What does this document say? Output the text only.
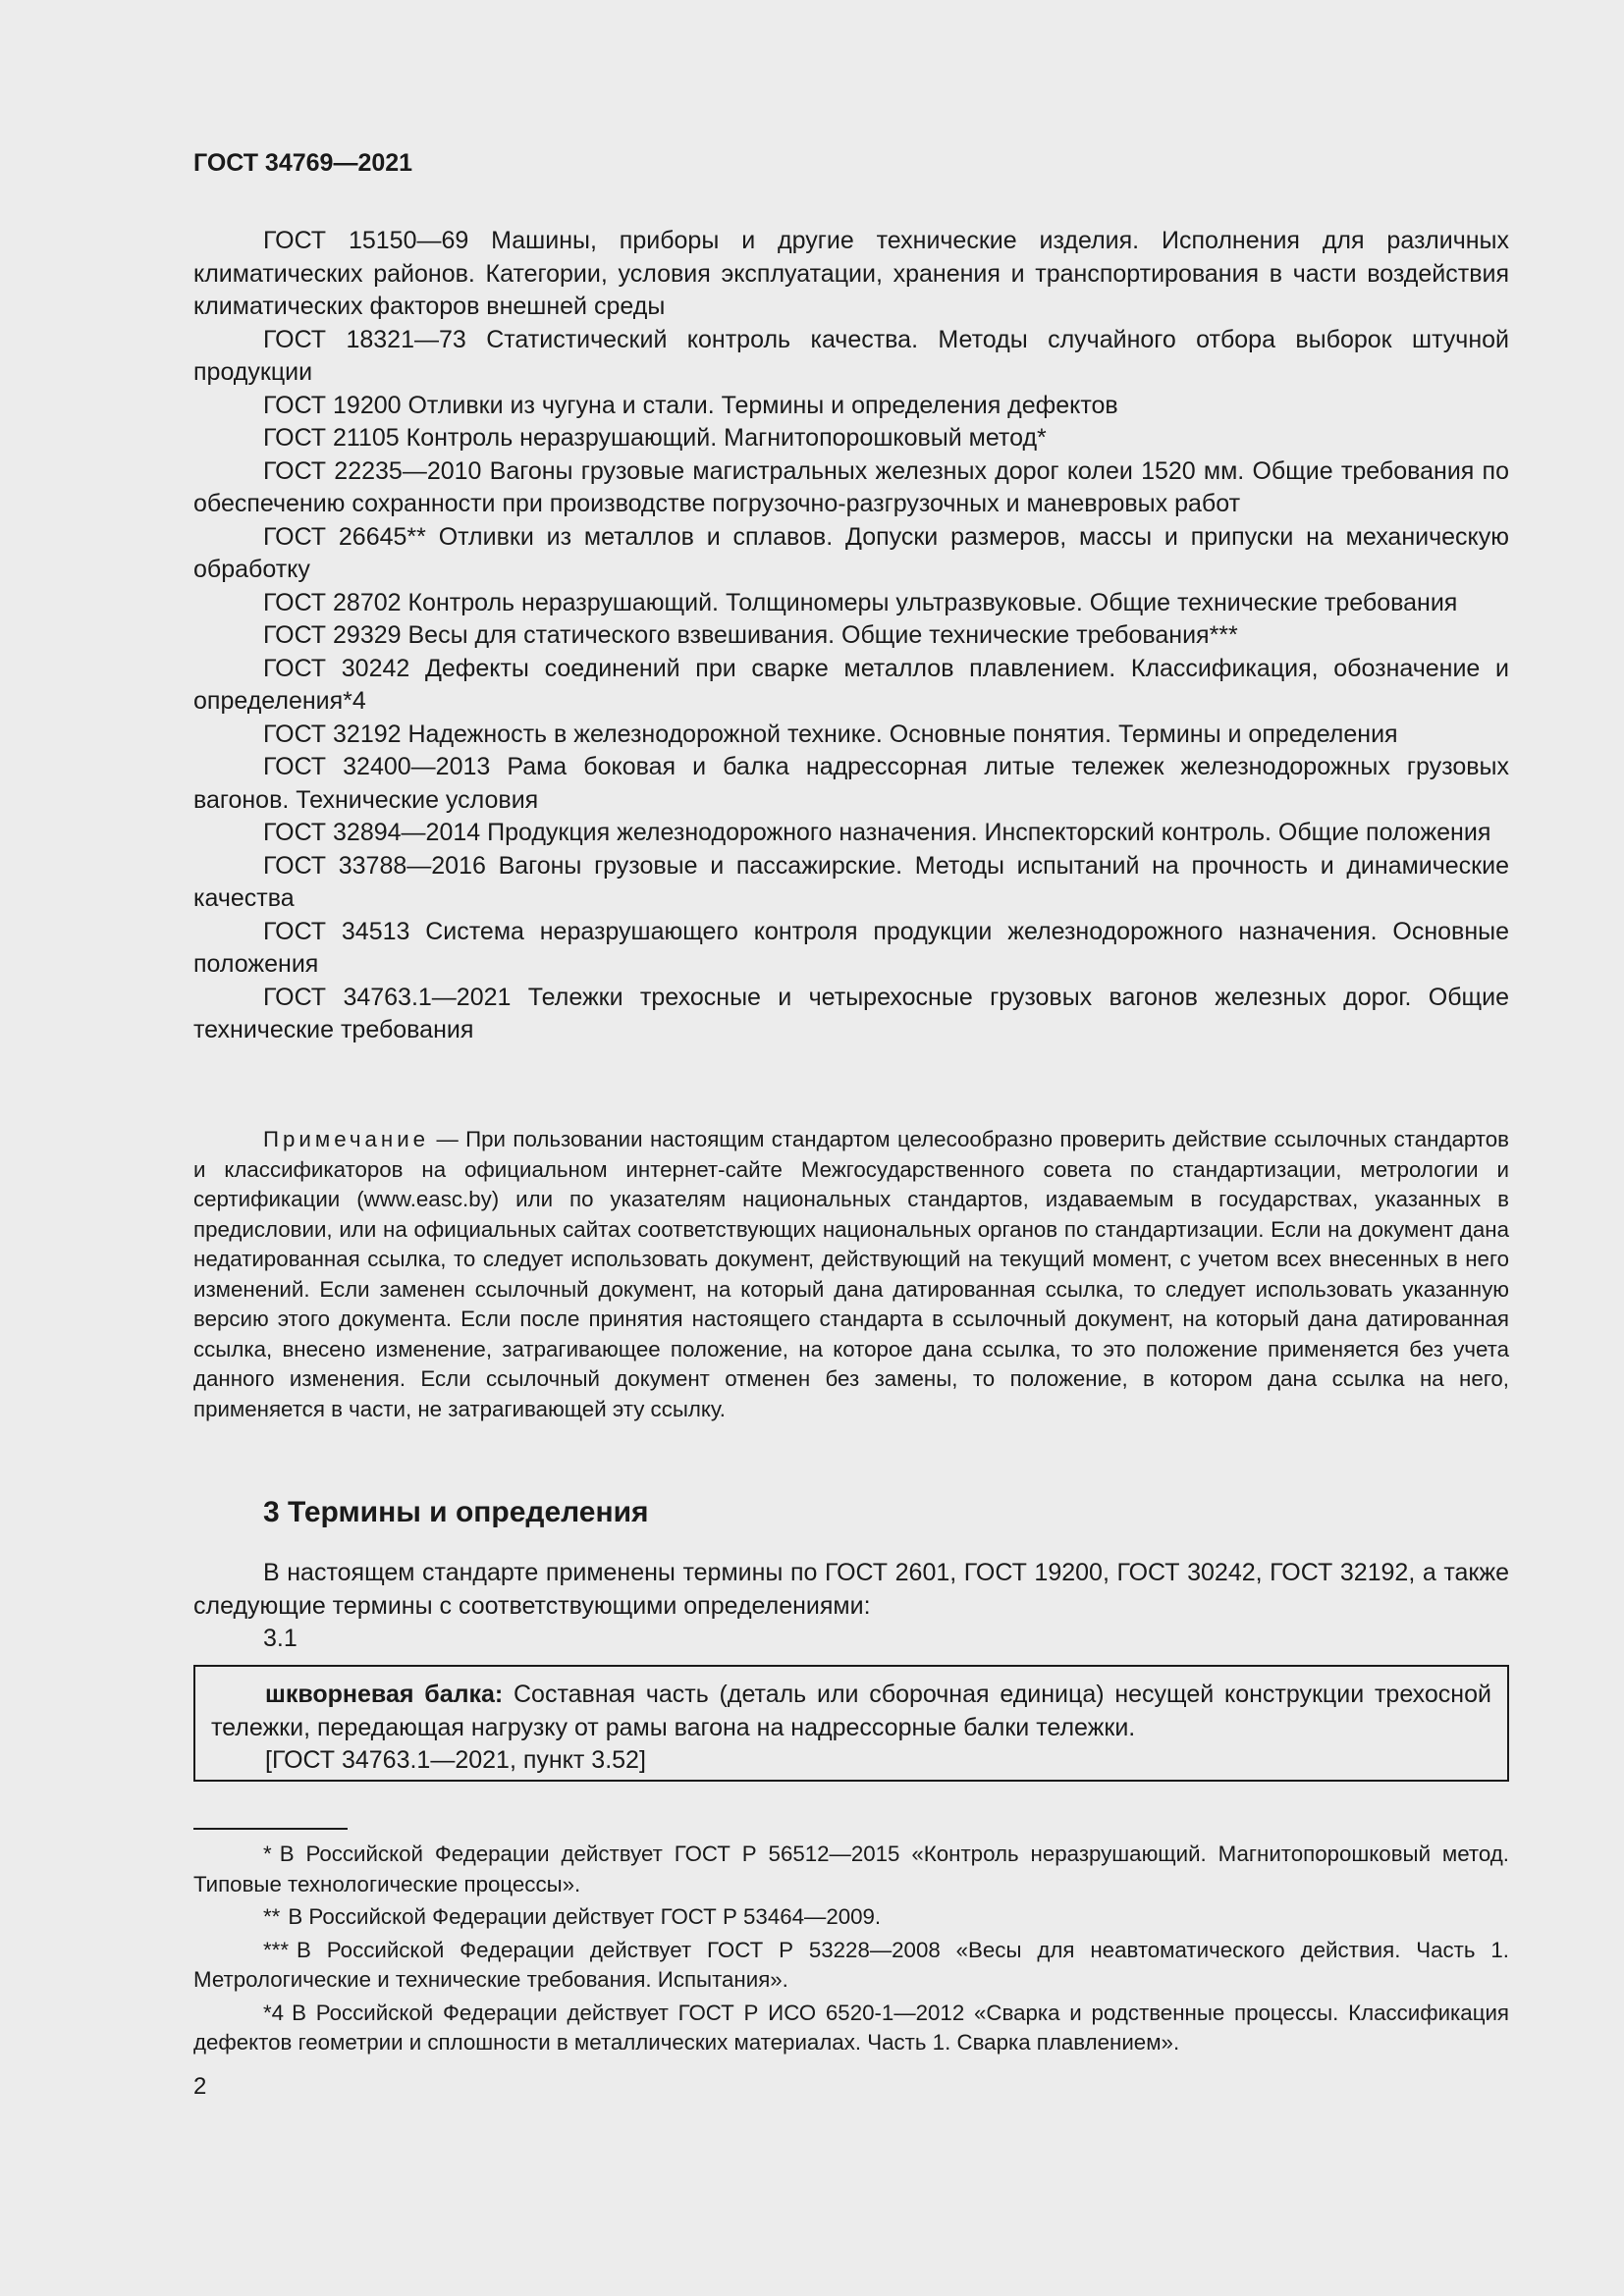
ГОСТ 34769—2021

ГОСТ 15150—69 Машины, приборы и другие технические изделия. Исполнения для различных климатических районов. Категории, условия эксплуатации, хранения и транспортирования в части воздействия климатических факторов внешней среды

ГОСТ 18321—73 Статистический контроль качества. Методы случайного отбора выборок штучной продукции

ГОСТ 19200 Отливки из чугуна и стали. Термины и определения дефектов

ГОСТ 21105 Контроль неразрушающий. Магнитопорошковый метод*

ГОСТ 22235—2010 Вагоны грузовые магистральных железных дорог колеи 1520 мм. Общие требования по обеспечению сохранности при производстве погрузочно-разгрузочных и маневровых работ

ГОСТ 26645** Отливки из металлов и сплавов. Допуски размеров, массы и припуски на механическую обработку

ГОСТ 28702 Контроль неразрушающий. Толщиномеры ультразвуковые. Общие технические требования

ГОСТ 29329 Весы для статического взвешивания. Общие технические требования***

ГОСТ 30242 Дефекты соединений при сварке металлов плавлением. Классификация, обозначение и определения*4

ГОСТ 32192 Надежность в железнодорожной технике. Основные понятия. Термины и определения

ГОСТ 32400—2013 Рама боковая и балка надрессорная литые тележек железнодорожных грузовых вагонов. Технические условия

ГОСТ 32894—2014 Продукция железнодорожного назначения. Инспекторский контроль. Общие положения

ГОСТ 33788—2016 Вагоны грузовые и пассажирские. Методы испытаний на прочность и динамические качества

ГОСТ 34513 Система неразрушающего контроля продукции железнодорожного назначения. Основные положения

ГОСТ 34763.1—2021 Тележки трехосные и четырехосные грузовых вагонов железных дорог. Общие технические требования

Примечание — При пользовании настоящим стандартом целесообразно проверить действие ссылочных стандартов и классификаторов на официальном интернет-сайте Межгосударственного совета по стандартизации, метрологии и сертификации (www.easc.by) или по указателям национальных стандартов, издаваемым в государствах, указанных в предисловии, или на официальных сайтах соответствующих национальных органов по стандартизации. Если на документ дана недатированная ссылка, то следует использовать документ, действующий на текущий момент, с учетом всех внесенных в него изменений. Если заменен ссылочный документ, на который дана датированная ссылка, то следует использовать указанную версию этого документа. Если после принятия настоящего стандарта в ссылочный документ, на который дана датированная ссылка, внесено изменение, затрагивающее положение, на которое дана ссылка, то это положение применяется без учета данного изменения. Если ссылочный документ отменен без замены, то положение, в котором дана ссылка на него, применяется в части, не затрагивающей эту ссылку.

3 Термины и определения

В настоящем стандарте применены термины по ГОСТ 2601, ГОСТ 19200, ГОСТ 30242, ГОСТ 32192, а также следующие термины с соответствующими определениями:

3.1

шкворневая балка: Составная часть (деталь или сборочная единица) несущей конструкции трехосной тележки, передающая нагрузку от рамы вагона на надрессорные балки тележки.

[ГОСТ 34763.1—2021, пункт 3.52]

* В Российской Федерации действует ГОСТ Р 56512—2015 «Контроль неразрушающий. Магнитопорошковый метод. Типовые технологические процессы».

** В Российской Федерации действует ГОСТ Р 53464—2009.

*** В Российской Федерации действует ГОСТ Р 53228—2008 «Весы для неавтоматического действия. Часть 1. Метрологические и технические требования. Испытания».

*4 В Российской Федерации действует ГОСТ Р ИСО 6520-1—2012 «Сварка и родственные процессы. Классификация дефектов геометрии и сплошности в металлических материалах. Часть 1. Сварка плавлением».

2
